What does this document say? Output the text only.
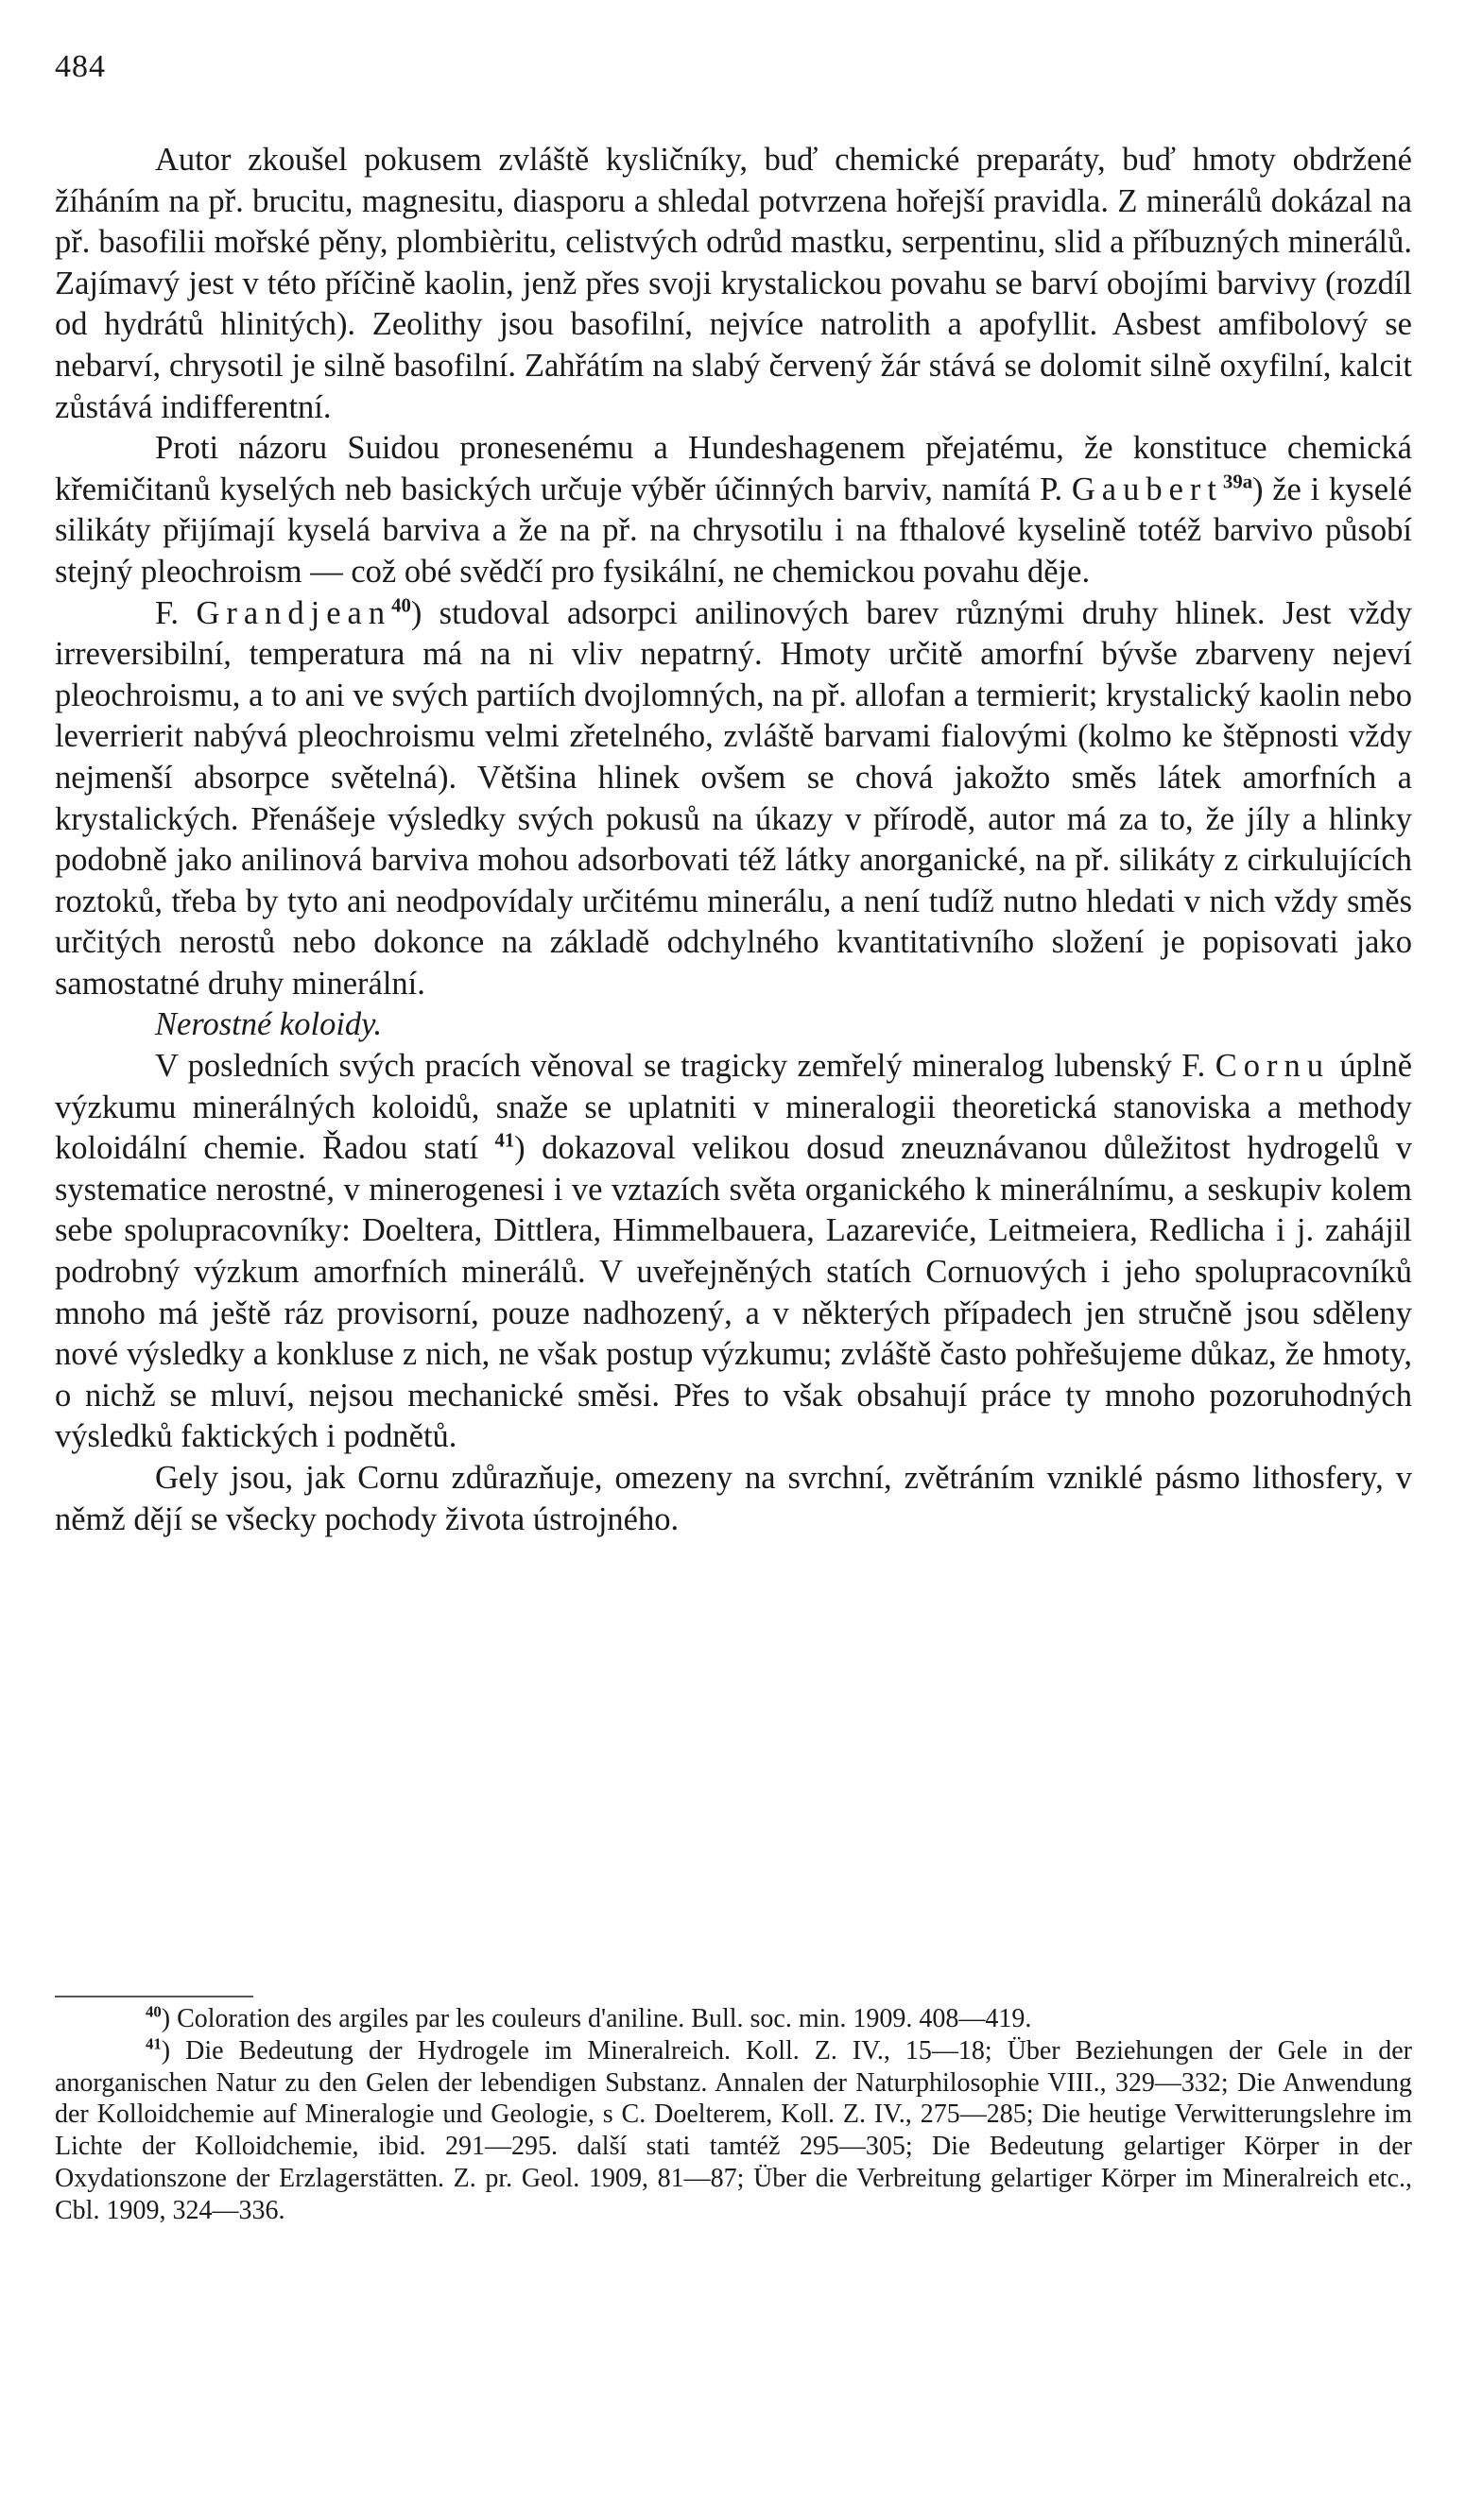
484

Autor zkoušel pokusem zvláště kysličníky, buď chemické preparáty, buď hmoty obdržené žíháním na př. brucitu, magnesitu, diasporu a shledal potvrzena hořejší pravidla. Z minerálů dokázal na př. basofilii mořské pěny, plombièritu, celistvých odrůd mastku, serpentinu, slid a příbuzných minerálů. Zajímavý jest v této příčině kaolin, jenž přes svoji krystalickou povahu se barví obojími barvivy (rozdíl od hydrátů hlinitých). Zeolithy jsou basofilní, nejvíce natrolith a apofyllit. Asbest amfibolový se nebarví, chrysotil je silně basofilní. Zahřátím na slabý červený žár stává se dolomit silně oxyfilní, kalcit zůstává indifferentní.

Proti názoru Suidou pronesenému a Hundeshagenem přejatému, že konstituce chemická křemičitanů kyselých neb basických určuje výběr účinných barviv, namítá P. Gaubert$^{39a}$) že i kyselé silikáty přijímají kyselá barviva a že na př. na chrysotilu i na fthalové kyselině totéž barvivo působí stejný pleochroism — což obé svědčí pro fysikální, ne chemickou povahu děje.

F. Grandjean$^{40}$) studoval adsorpci anilinových barev různými druhy hlinek. Jest vždy irreversibilní, temperatura má na ni vliv nepatrný. Hmoty určitě amorfní bývše zbarveny nejeví pleochroismu, a to ani ve svých partiích dvojlomných, na př. allofan a termierit; krystalický kaolin nebo leverrierit nabývá pleochroismu velmi zřetelného, zvláště barvami fialovými (kolmo ke štěpnosti vždy nejmenší absorpce světelná). Většina hlinek ovšem se chová jakožto směs látek amorfních a krystalických. Přenášeje výsledky svých pokusů na úkazy v přírodě, autor má za to, že jíly a hlinky podobně jako anilinová barviva mohou adsorbovati též látky anorganické, na př. silikáty z cirkulujících roztoků, třeba by tyto ani neodpovídaly určitému minerálu, a není tudíž nutno hledati v nich vždy směs určitých nerostů nebo dokonce na základě odchylného kvantitativního složení je popisovati jako samostatné druhy minerální.

Nerostné koloidy.

V posledních svých pracích věnoval se tragicky zemřelý mineralog lubenský F. Cornu úplně výzkumu minerálných koloidů, snaže se uplatniti v mineralogii theoretická stanoviska a methody koloidální chemie. Řadou statí $^{41}$) dokazoval velikou dosud zneuznávanou důležitost hydrogelů v systematice nerostné, v minerogenesi i ve vztazích světa organického k minerálnímu, a seskupiv kolem sebe spolupracovníky: Doeltera, Dittlera, Himmelbauera, Lazareviće, Leitmeiera, Redlicha i j. zahájil podrobný výzkum amorfních minerálů. V uveřejněných statích Cornuových i jeho spolupracovníků mnoho má ještě ráz provisorní, pouze nadhozený, a v některých případech jen stručně jsou sděleny nové výsledky a konkluse z nich, ne však postup výzkumu; zvláště často pohřešujeme důkaz, že hmoty, o nichž se mluví, nejsou mechanické směsi. Přes to však obsahují práce ty mnoho pozoruhodných výsledků faktických i podnětů.

Gely jsou, jak Cornu zdůrazňuje, omezeny na svrchní, zvětráním vzniklé pásmo lithosfery, v němž dějí se všecky pochody života ústrojného.

$^{40}$) Coloration des argiles par les couleurs d'aniline. Bull. soc. min. 1909. 408—419.

$^{41}$) Die Bedeutung der Hydrogele im Mineralreich. Koll. Z. IV., 15—18; Über Beziehungen der Gele in der anorganischen Natur zu den Gelen der lebendigen Substanz. Annalen der Naturphilosophie VIII., 329—332; Die Anwendung der Kolloidchemie auf Mineralogie und Geologie, s C. Doelterem, Koll. Z. IV., 275—285; Die heutige Verwitterungslehre im Lichte der Kolloidchemie, ibid. 291—295. další stati tamtéž 295—305; Die Bedeutung gelartiger Körper in der Oxydationszone der Erzlagerstätten. Z. pr. Geol. 1909, 81—87; Über die Verbreitung gelartiger Körper im Mineralreich etc., Cbl. 1909, 324—336.
